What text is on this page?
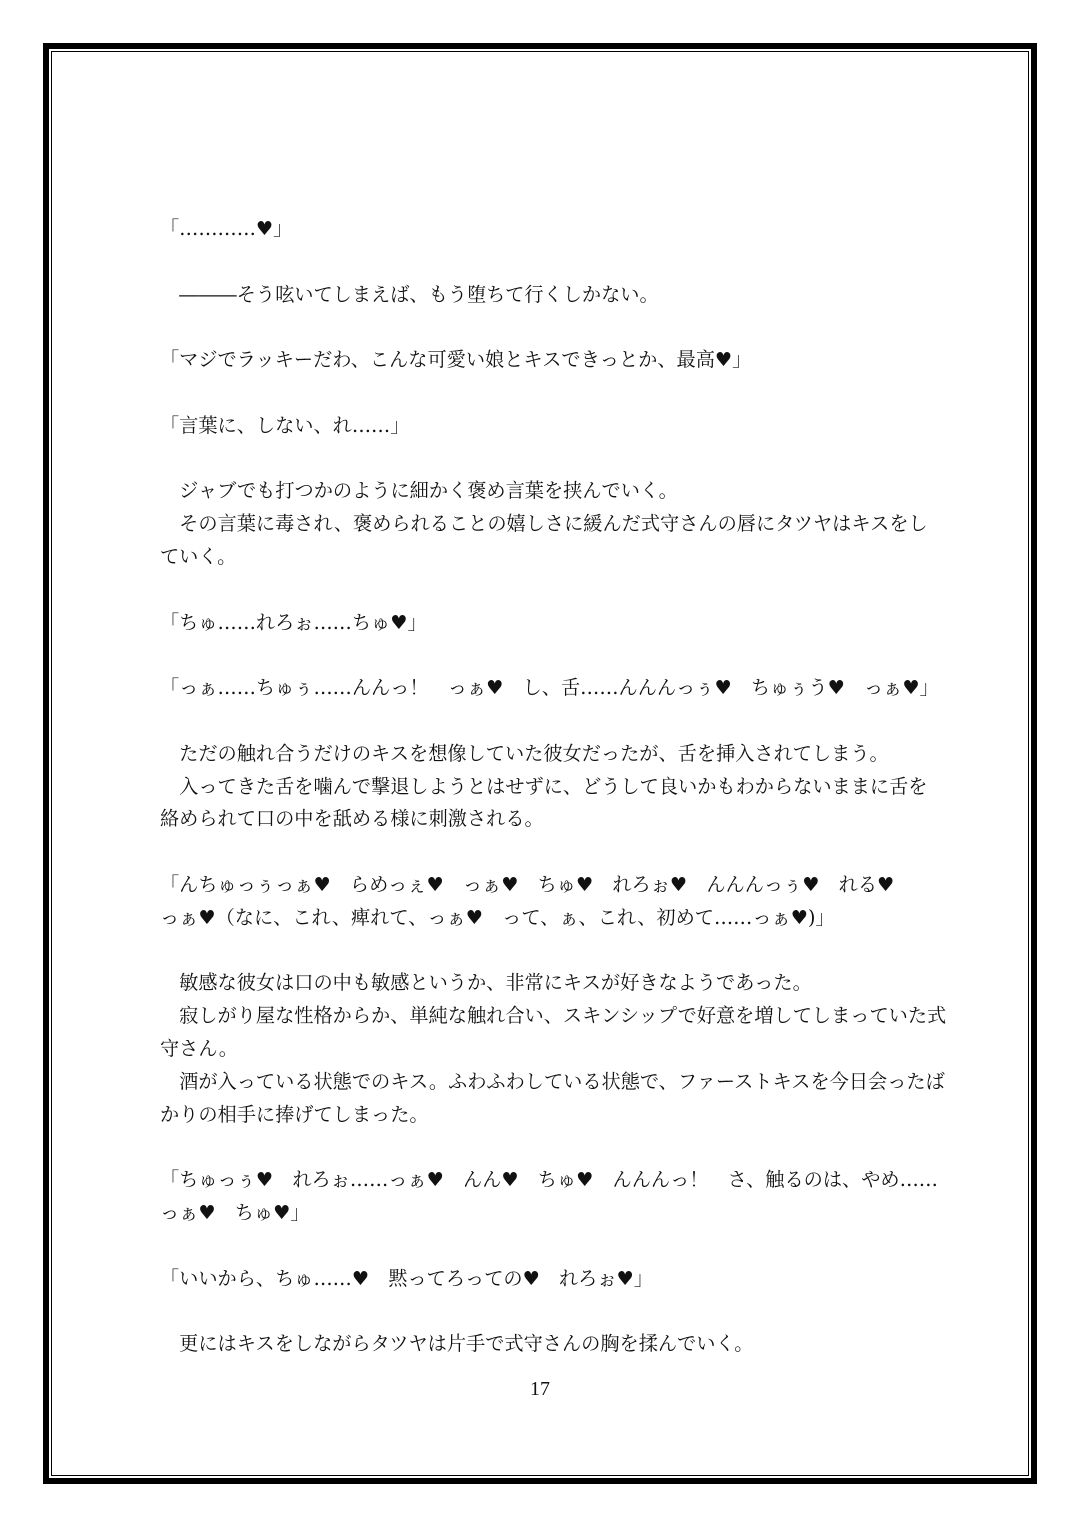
「…………♥」
　―――そう呟いてしまえば、もう堕ちて行くしかない。
「マジでラッキーだわ、こんな可愛い娘とキスできっとか、最高♥」
「言葉に、しない、れ……」
　ジャブでも打つかのように細かく褒め言葉を挟んでいく。
　その言葉に毒され、褒められることの嬉しさに緩んだ式守さんの唇にタツヤはキスをし
ていく。
「ちゅ……れろぉ……ちゅ♥」
「っぁ……ちゅぅ……んんっ！　っぁ♥　し、舌……んんんっぅ♥　ちゅぅう♥　っぁ♥」
　ただの触れ合うだけのキスを想像していた彼女だったが、舌を挿入されてしまう。
　入ってきた舌を噛んで撃退しようとはせずに、どうして良いかもわからないままに舌を
絡められて口の中を舐める様に刺激される。
「んちゅっぅっぁ♥　らめっぇ♥　っぁ♥　ちゅ♥　れろぉ♥　んんんっぅ♥　れる♥
っぁ♥（なに、これ、痺れて、っぁ♥　って、ぁ、これ、初めて……っぁ♥)」
　敏感な彼女は口の中も敏感というか、非常にキスが好きなようであった。
　寂しがり屋な性格からか、単純な触れ合い、スキンシップで好意を増してしまっていた式
守さん。
　酒が入っている状態でのキス。ふわふわしている状態で、ファーストキスを今日会ったば
かりの相手に捧げてしまった。
「ちゅっぅ♥　れろぉ……っぁ♥　んん♥　ちゅ♥　んんんっ！　さ、触るのは、やめ……
っぁ♥　ちゅ♥」
「いいから、ちゅ……♥　黙ってろっての♥　れろぉ♥」
　更にはキスをしながらタツヤは片手で式守さんの胸を揉んでいく。
17
